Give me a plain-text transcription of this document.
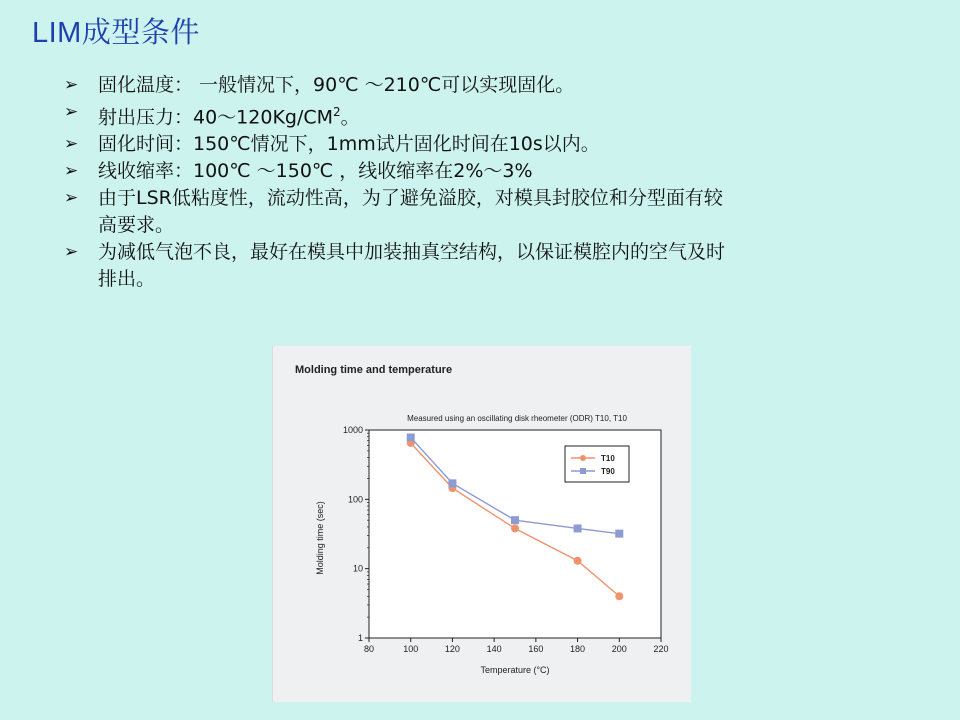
LIM成型条件
➢ 固化温度： 一般情况下，90℃ ～210℃可以实现固化。
➢ 射出压力：$40\sim 120Kg/CM^2$。
➢ 固化时间：150℃情况下，1mm试片固化时间在10s以内。
➢ 线收缩率：100℃ ～150℃ ，线收缩率在2%～3%
➢ 由于LSR低粘度性，流动性高，为了避免溢胶，对模具封胶位和分型面有较
高要求。
➢ 为减低气泡不良，最好在模具中加装抽真空结构，以保证模腔内的空气及时
排出。
Molding time and temperature
Measured using an oscillating disk rheometer (ODR) T10, T10
Molding time (sec)
Temperature (°C)
80	100	120	140	160	180	200	220
1
10
100
1000
T10
T90
